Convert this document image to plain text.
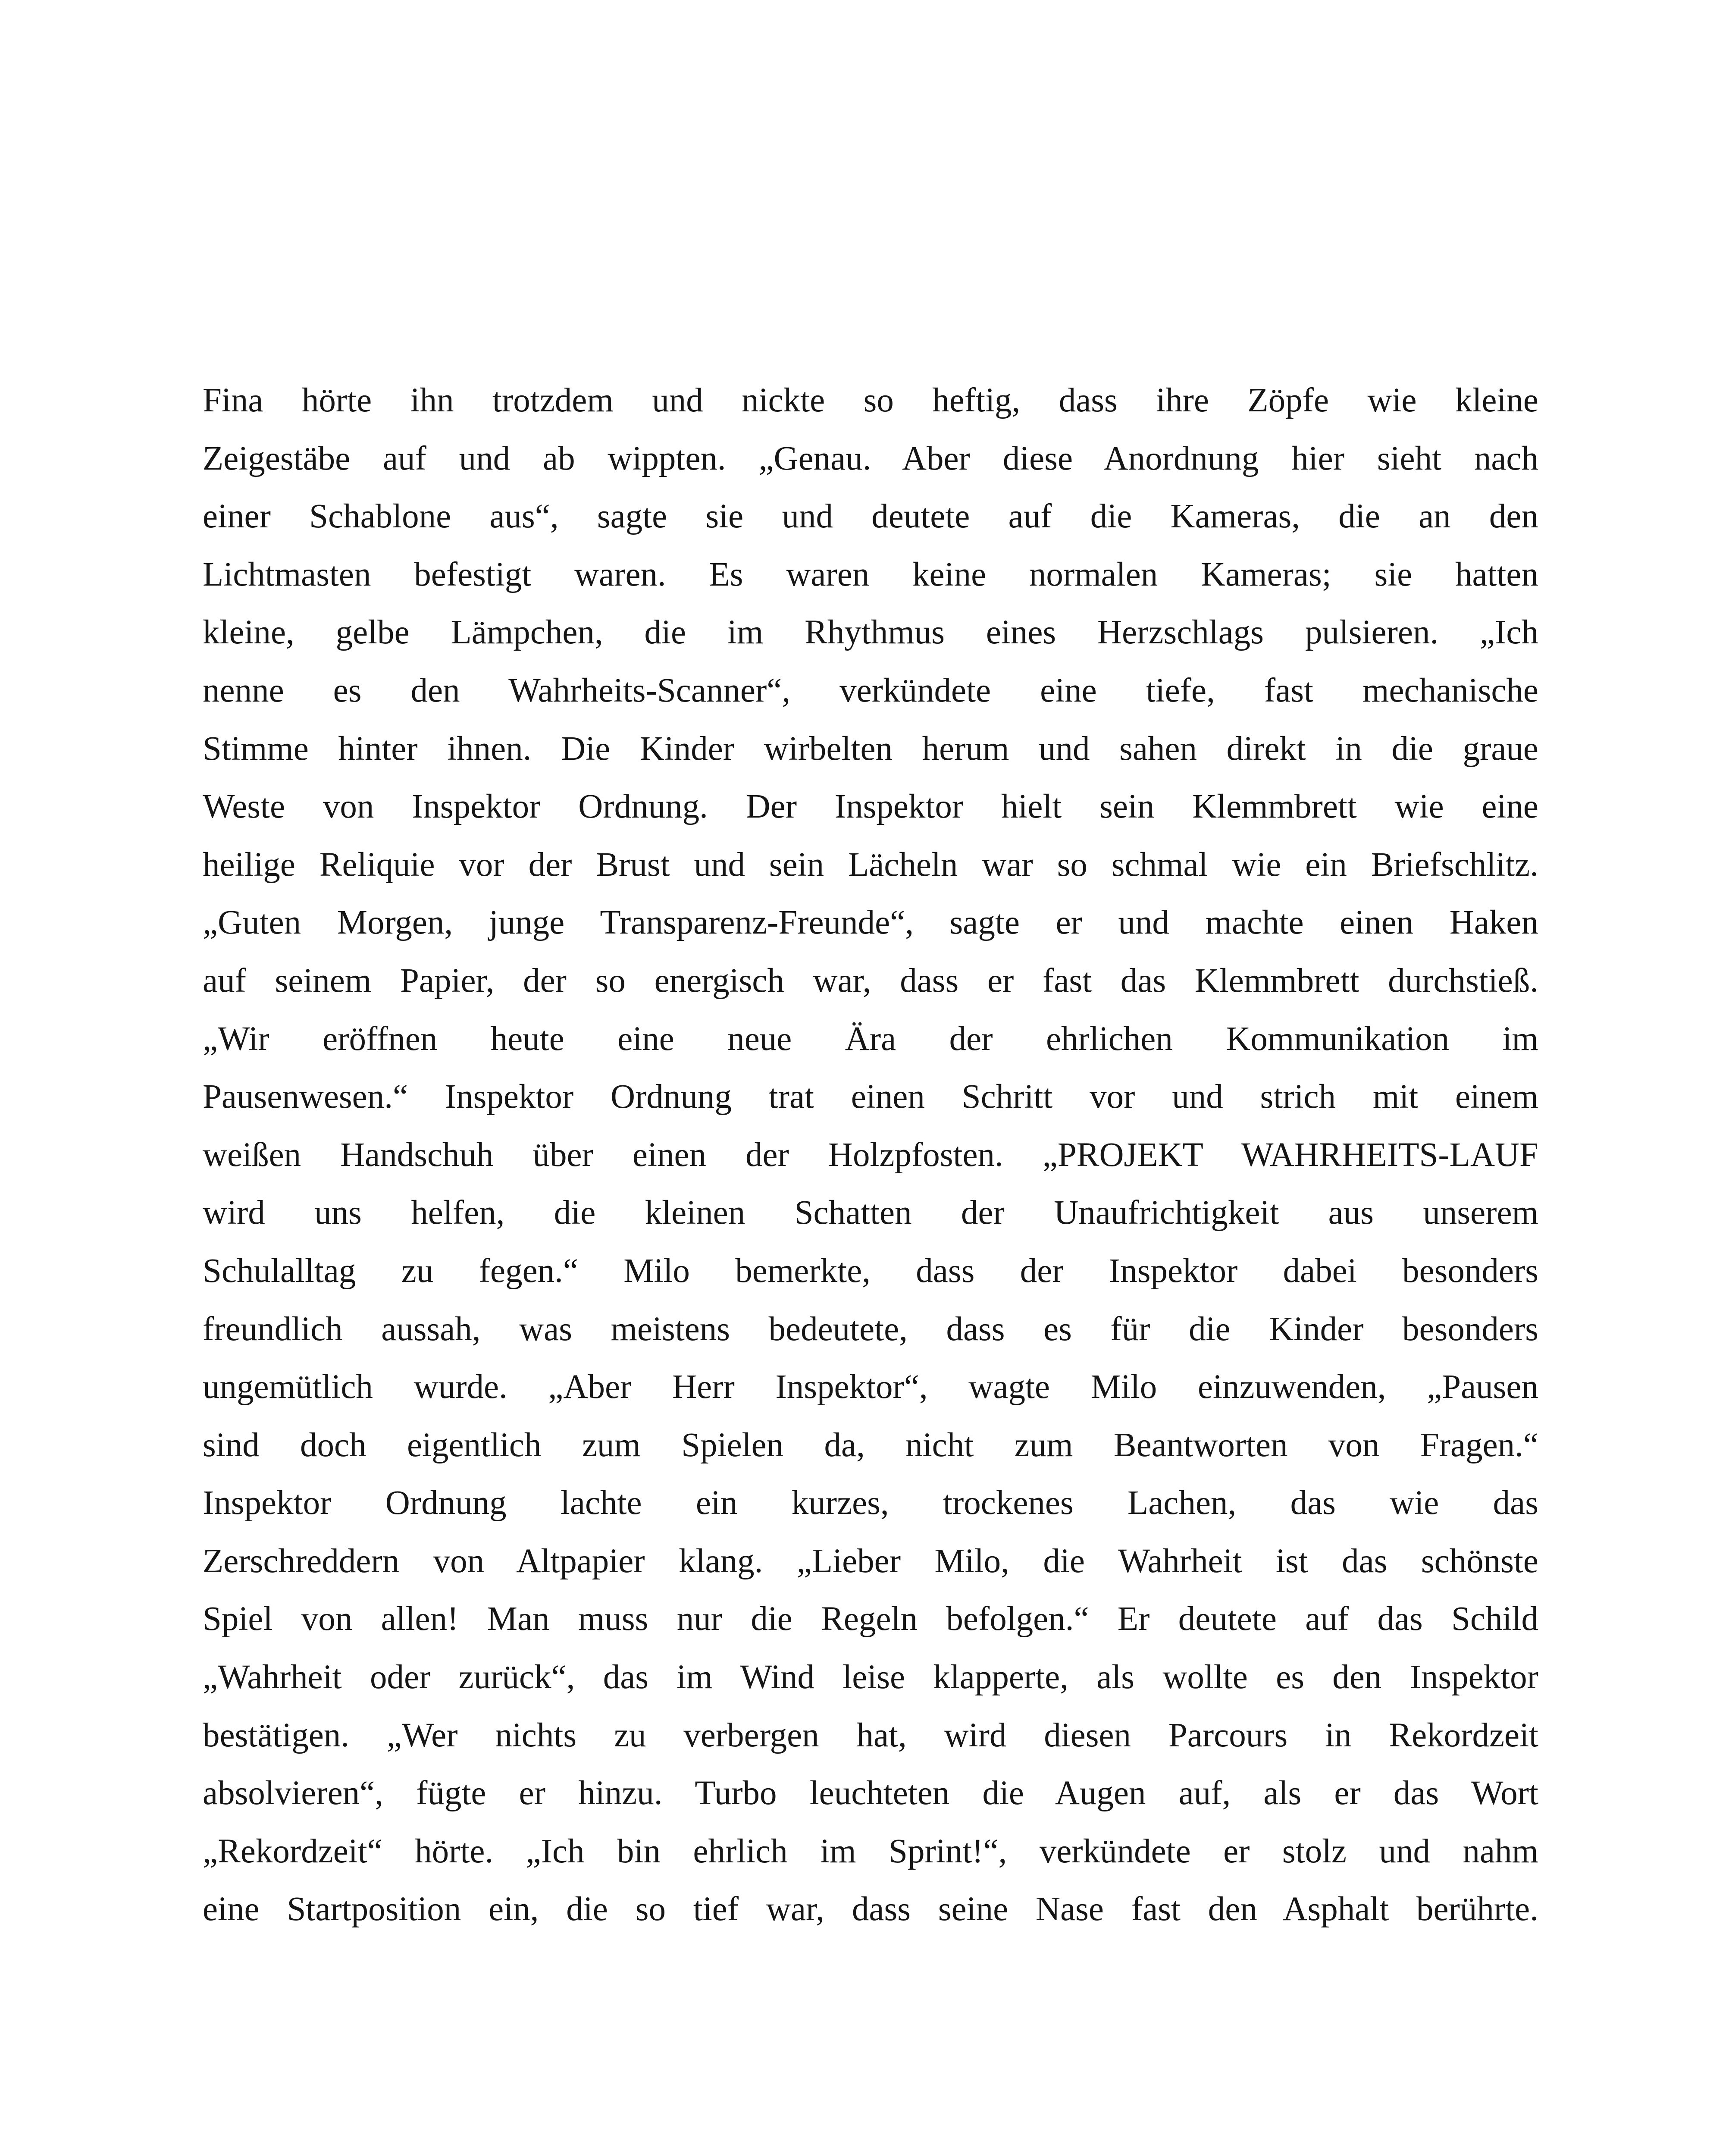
Fina hörte ihn trotzdem und nickte so heftig, dass ihre Zöpfe wie kleine
Zeigestäbe auf und ab wippten. „Genau. Aber diese Anordnung hier sieht nach
einer Schablone aus“, sagte sie und deutete auf die Kameras, die an den
Lichtmasten befestigt waren. Es waren keine normalen Kameras; sie hatten
kleine, gelbe Lämpchen, die im Rhythmus eines Herzschlags pulsieren. „Ich
nenne es den Wahrheits-Scanner“, verkündete eine tiefe, fast mechanische
Stimme hinter ihnen. Die Kinder wirbelten herum und sahen direkt in die graue
Weste von Inspektor Ordnung. Der Inspektor hielt sein Klemmbrett wie eine
heilige Reliquie vor der Brust und sein Lächeln war so schmal wie ein Briefschlitz.
„Guten Morgen, junge Transparenz-Freunde“, sagte er und machte einen Haken
auf seinem Papier, der so energisch war, dass er fast das Klemmbrett durchstieß.
„Wir eröffnen heute eine neue Ära der ehrlichen Kommunikation im
Pausenwesen.“ Inspektor Ordnung trat einen Schritt vor und strich mit einem
weißen Handschuh über einen der Holzpfosten. „PROJEKT WAHRHEITS-LAUF
wird uns helfen, die kleinen Schatten der Unaufrichtigkeit aus unserem
Schulalltag zu fegen.“ Milo bemerkte, dass der Inspektor dabei besonders
freundlich aussah, was meistens bedeutete, dass es für die Kinder besonders
ungemütlich wurde. „Aber Herr Inspektor“, wagte Milo einzuwenden, „Pausen
sind doch eigentlich zum Spielen da, nicht zum Beantworten von Fragen.“
Inspektor Ordnung lachte ein kurzes, trockenes Lachen, das wie das
Zerschreddern von Altpapier klang. „Lieber Milo, die Wahrheit ist das schönste
Spiel von allen! Man muss nur die Regeln befolgen.“ Er deutete auf das Schild
„Wahrheit oder zurück“, das im Wind leise klapperte, als wollte es den Inspektor
bestätigen. „Wer nichts zu verbergen hat, wird diesen Parcours in Rekordzeit
absolvieren“, fügte er hinzu. Turbo leuchteten die Augen auf, als er das Wort
„Rekordzeit“ hörte. „Ich bin ehrlich im Sprint!“, verkündete er stolz und nahm
eine Startposition ein, die so tief war, dass seine Nase fast den Asphalt berührte.
